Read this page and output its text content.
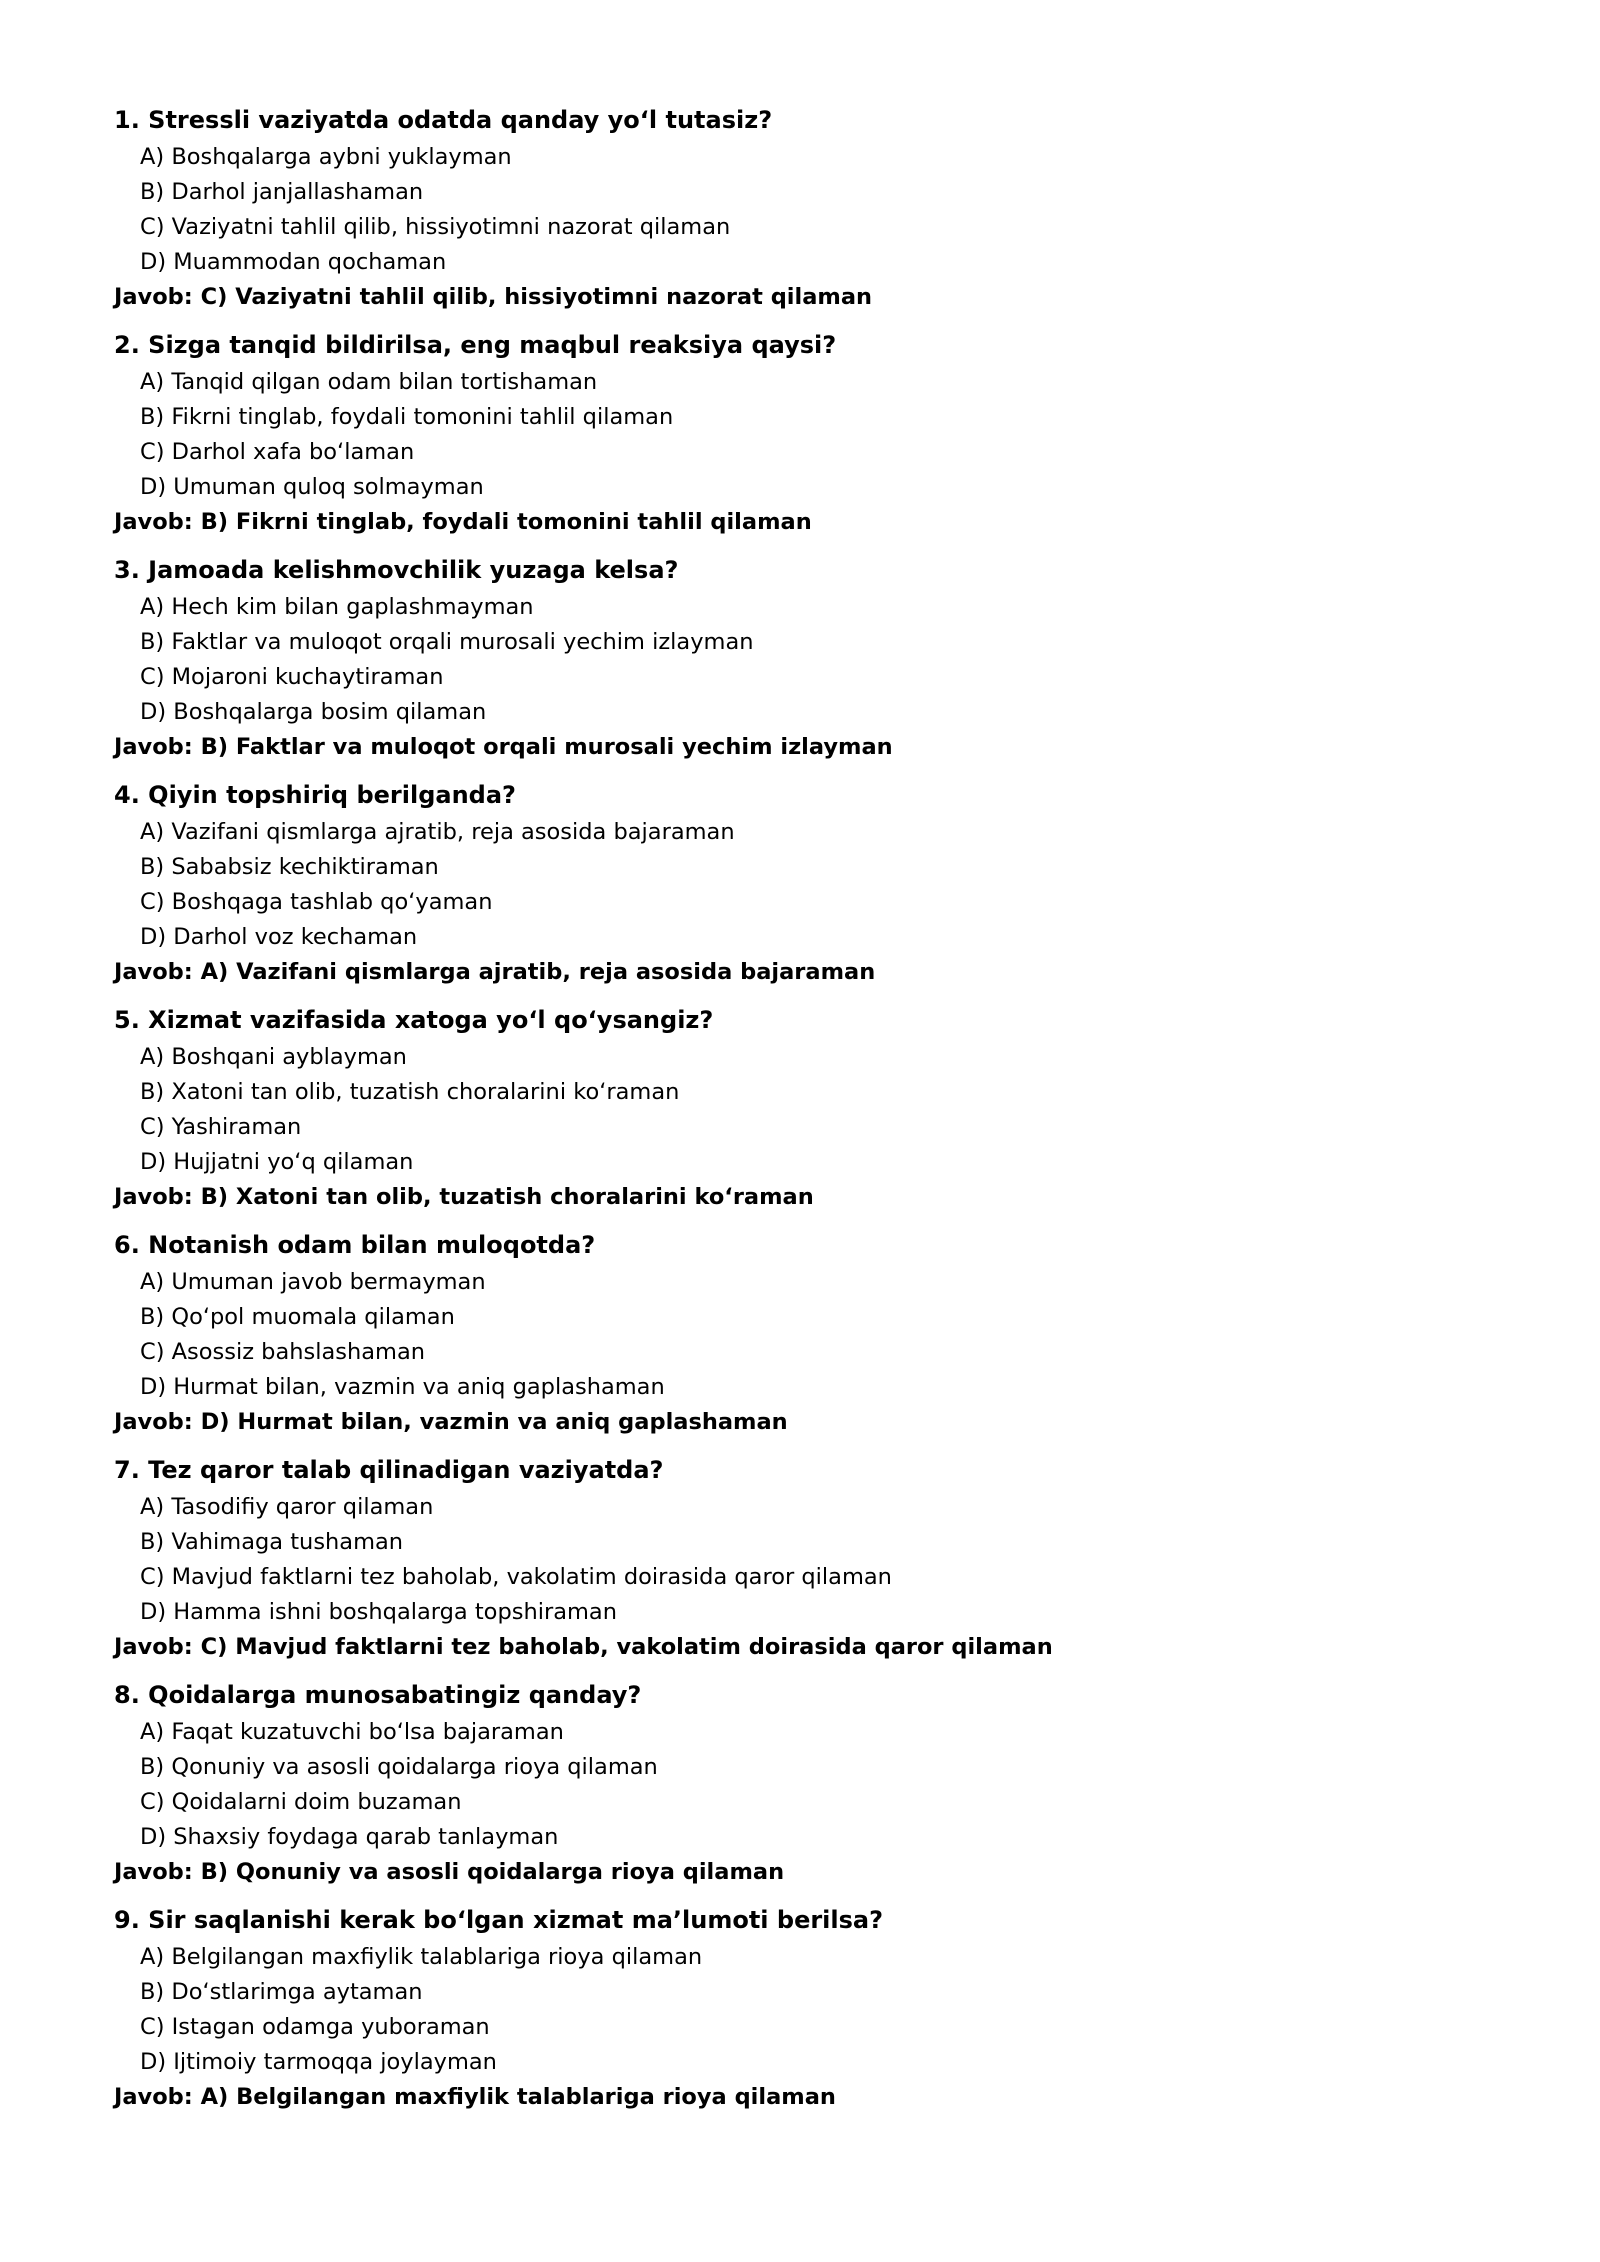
1. Stressli vaziyatda odatda qanday yo‘l tutasiz?
A) Boshqalarga aybni yuklayman
B) Darhol janjallashaman
C) Vaziyatni tahlil qilib, hissiyotimni nazorat qilaman
D) Muammodan qochaman
Javob: C) Vaziyatni tahlil qilib, hissiyotimni nazorat qilaman
2. Sizga tanqid bildirilsa, eng maqbul reaksiya qaysi?
A) Tanqid qilgan odam bilan tortishaman
B) Fikrni tinglab, foydali tomonini tahlil qilaman
C) Darhol xafa bo‘laman
D) Umuman quloq solmayman
Javob: B) Fikrni tinglab, foydali tomonini tahlil qilaman
3. Jamoada kelishmovchilik yuzaga kelsa?
A) Hech kim bilan gaplashmayman
B) Faktlar va muloqot orqali murosali yechim izlayman
C) Mojaroni kuchaytiraman
D) Boshqalarga bosim qilaman
Javob: B) Faktlar va muloqot orqali murosali yechim izlayman
4. Qiyin topshiriq berilganda?
A) Vazifani qismlarga ajratib, reja asosida bajaraman
B) Sababsiz kechiktiraman
C) Boshqaga tashlab qo‘yaman
D) Darhol voz kechaman
Javob: A) Vazifani qismlarga ajratib, reja asosida bajaraman
5. Xizmat vazifasida xatoga yo‘l qo‘ysangiz?
A) Boshqani ayblayman
B) Xatoni tan olib, tuzatish choralarini ko‘raman
C) Yashiraman
D) Hujjatni yo‘q qilaman
Javob: B) Xatoni tan olib, tuzatish choralarini ko‘raman
6. Notanish odam bilan muloqotda?
A) Umuman javob bermayman
B) Qo‘pol muomala qilaman
C) Asossiz bahslashaman
D) Hurmat bilan, vazmin va aniq gaplashaman
Javob: D) Hurmat bilan, vazmin va aniq gaplashaman
7. Tez qaror talab qilinadigan vaziyatda?
A) Tasodifiy qaror qilaman
B) Vahimaga tushaman
C) Mavjud faktlarni tez baholab, vakolatim doirasida qaror qilaman
D) Hamma ishni boshqalarga topshiraman
Javob: C) Mavjud faktlarni tez baholab, vakolatim doirasida qaror qilaman
8. Qoidalarga munosabatingiz qanday?
A) Faqat kuzatuvchi bo‘lsa bajaraman
B) Qonuniy va asosli qoidalarga rioya qilaman
C) Qoidalarni doim buzaman
D) Shaxsiy foydaga qarab tanlayman
Javob: B) Qonuniy va asosli qoidalarga rioya qilaman
9. Sir saqlanishi kerak bo‘lgan xizmat ma’lumoti berilsa?
A) Belgilangan maxfiylik talablariga rioya qilaman
B) Do‘stlarimga aytaman
C) Istagan odamga yuboraman
D) Ijtimoiy tarmoqqa joylayman
Javob: A) Belgilangan maxfiylik talablariga rioya qilaman
